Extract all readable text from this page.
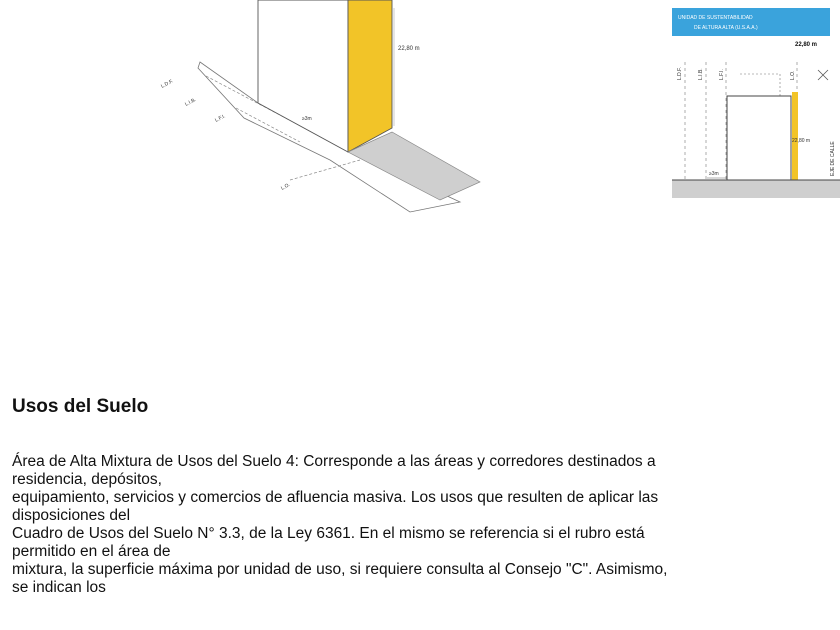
22,80 m
≥3m
L.D.F.
L.I.B.
L.F.I.
L.O.
UNIDAD DE SUSTENTABILIDAD
DE ALTURA ALTA (U.S.A.A.)
22,80 m
≥3m
22,80 m
L.D.F.	L.I.B.	L.F.I.	L.O.
EJE DE CALLE
Usos del Suelo

Área de Alta Mixtura de Usos del Suelo 4: Corresponde a las áreas y corredores destinados a
residencia, depósitos,
equipamiento, servicios y comercios de afluencia masiva. Los usos que resulten de aplicar las
disposiciones del
Cuadro de Usos del Suelo N° 3.3, de la Ley 6361. En el mismo se referencia si el rubro está
permitido en el área de
mixtura, la superficie máxima por unidad de uso, si requiere consulta al Consejo "C". Asimismo,
se indican los
